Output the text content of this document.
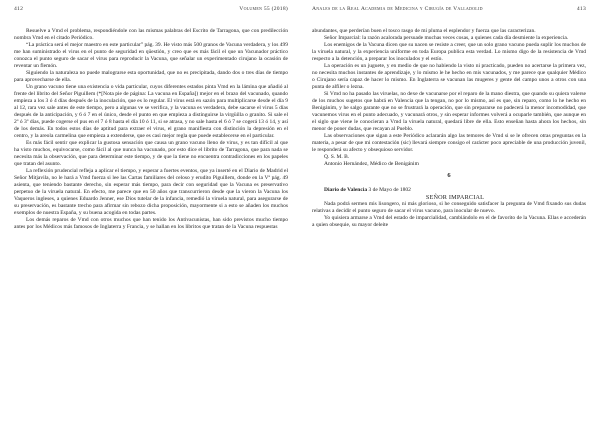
412	Volumen 55 (2018)

Resuelve a Vmd el problema, respondiéndole con las mismas palabras del Escrito de Tarragona, que con predilección nombra Vmd en el citado Periódico.

“La práctica será el mejor maestro en este particular” pág. 39. He visto más 500 granos de Vacuna verdadera, y los 499 me han suministrado el virus en el punto de seguridad en qüestión, y creo que es más fácil el que un Vacunador práctico conozca el punto seguro de sacar el virus para reproducir la Vacuna, que señalar un experimentado cirujano la ocasión de reventar un flemón.

Siguiendo la naturaleza no puede malograrse esta oportunidad, que no es precipitada, dando dos o tres días de tiempo para aprovecharse de ella.

Un grano vacuno tiene una existencia o vida particular, cuyos diferentes estados pinta Vmd en la lámina que añadió al frente del librito del Señor Piguillem (*[Nota pie de página: La vacuna en España]) mejor en el brazo del vacunado, quando empieza a los 3 ó 4 días después de la inoculación, que es lo regular. El virus está en sazón para multiplicarse desde el día 9 al 12, rara vez sale antes de este tiempo, pero a algunas ve se verifica, y la vacuna es verdadera, debe sacarse el virus 5 días después de la anticipación, y 6 ó 7 en el único, desde el punto en que empieza a distinguirse la virgüilla o granito. Si sale el 2º ó 3º días, puede cogerse el pus en el 7 ó 8 hasta el día 10 ó 11, si se atrasa, y no sale hasta el 6 ó 7 se cogerá 13 ó 14, y así de los demás. En todos estos días de aptitud para extraer el virus, el grano manifiesta con distinción la depresión en el centro, y la areola carmelina que empieza a extenderse, que es casi mejor regla que puede establecerse en el particular.

Es más fácil sentir que explicar la gustosa sensación que causa un grano vacuno lleno de virus, y es tan difícil al que ha visto muchos, equivocarse, como fácil al que nunca ha vacunado, por esto dice el librito de Tarragona, que para nada se necesita más la observación, que para determinar este tiempo, y de que la tiene no encuentra contradicciones en los papeles que tratan del asunto.

La reflexión prudencial refleja a aplicar el tiempo, y esperar a fuertes eventos, que ya inserté en el Diario de Madrid el Señor Mitjavila, no le hará a Vmd fuerza si lee las Cartas familiares del celoso y erudito Piguillem, donde en la Vª pág. 49 asienta, que teniendo bastante derecho, sin esperar más tiempo, para decir con seguridad que la Vacuna es preservativo perpetuo de la viruela natural. En efecto, me parece que en 50 años que transcurrieron desde que la vieron la Vacuna los Vaqueros ingleses, a quienes Eduardo Jenner, ese Dios tutelar de la infancia, remedió la viruela natural, para asegurarse de su preservación, es bastante trecho para afirmar sin rebozo dicha proposición, mayormente si a esto se añaden los muchos exemplos de nuestra España, y su buena acogida en todas partes.

Los demás reparos de Vmd con otros muchos que han tenido los Antivacunistas, han sido previstos mucho tiempo antes por los Médicos más famosos de Inglaterra y Francia, y se hallan en los libritos que tratan de la Vacuna respuestas

Anales de la Real Academia de Medicina y Cirugía de Valladolid	413

abundantes, que perderían buen el tosco rasgo de mi pluma el esplendor y fuerza que las caracterizan.

Señor Imparcial: la razón acalorada persuade muchas veces cosas, a quienes cada día desmiente la experiencia.

Los enemigos de la Vacuna dicen que su nacen se resiste a creer, que un solo grano vacuno pueda suplir los muchos de la viruela natural, y la experiencia uniforme en toda Europa publica esta verdad. Lo mismo digo de la resistencia de Vmd respecto a la detención, a preparar los inoculados y el estío.

La operación es un juguete, y en medio de que no habiendo la visto ni practicado, pueden no acertarse la primera vez, no necesita muchos instantes de aprendizaje, y lo mismo le he hecho en mis vacunados, y me parece que qualquier Médico o Cirujano sería capaz de hacer lo mismo. En Inglaterra se vacunan las mugeres y gente del campo unos a otros con una punta de alfiler o lezna.

Si Vmd no ha pasado las viruelas, no dexe de vacunarse por el reparo de la mano diestra, que quando su quiera valerse de los muchos sugetos que habrá en Valencia que la tengan, no por lo mismo, así es que, sin reparo, como lo he hecho en Benigánim, y he salgo garante que no se frustrará la operación, que sin prepararse no padecerá la menor incomodidad, que vacunemos virus en el punto adecuado, y vacunará otros, y sin esperar informes volverá a ocuparle también, que aunque en el siglo que viene le conocieran a Vmd la viruela natural, quedará libre de ella. Esto enseñan hasta ahora los hechos, sin menor de poner dudas, que recayan al Pueblo.

Las observaciones que sigan a este Periódico aclararán algo las temores de Vmd si se le ofrecen otras preguntas en la materia, a pesar de que mi contestación (sic) llevará siempre consigo el carácter poco apreciable de una producción juvenil, le responderá su afecto y obsequioso servidor.

Q. S. M. B.

Antonio Hernández, Médico de Benigánim

6

Diario de Valencia 3 de Mayo de 1802

SEÑOR IMPARCIAL

Nada podrá sermen mis lisongero, ni más glorioso, si he conseguido satisfacer la pregunta de Vmd fixando sus dudas relativas a decidir el punto seguro de sacar el virus vacuno, para inocular de nuevo.

Yo quisiera armarse a Vmd del estado de imparcialidad, cambiándolo en el de favorito de la Vacuna. Ellas e accederán a quien obsequie, su mayor deleite
